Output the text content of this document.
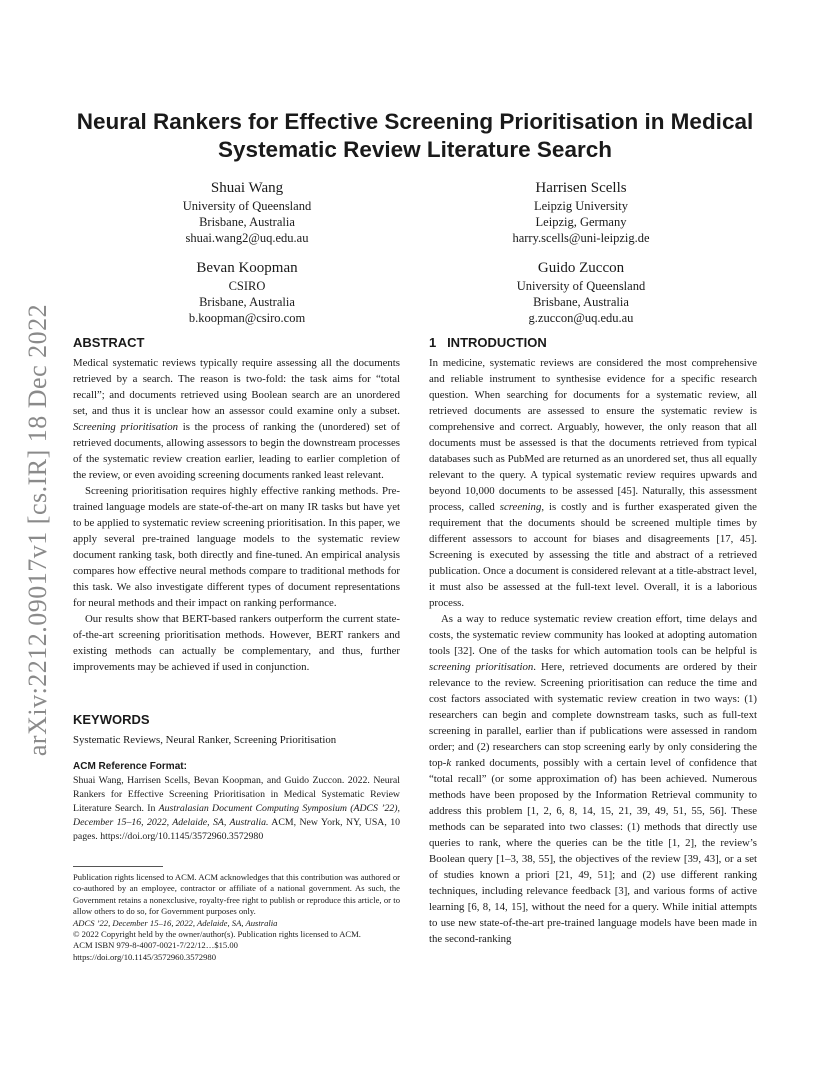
arXiv:2212.09017v1 [cs.IR] 18 Dec 2022
Neural Rankers for Effective Screening Prioritisation in Medical Systematic Review Literature Search
Shuai Wang
University of Queensland
Brisbane, Australia
shuai.wang2@uq.edu.au
Harrisen Scells
Leipzig University
Leipzig, Germany
harry.scells@uni-leipzig.de
Bevan Koopman
CSIRO
Brisbane, Australia
b.koopman@csiro.com
Guido Zuccon
University of Queensland
Brisbane, Australia
g.zuccon@uq.edu.au
ABSTRACT

Medical systematic reviews typically require assessing all the documents retrieved by a search. The reason is two-fold: the task aims for “total recall”; and documents retrieved using Boolean search are an unordered set, and thus it is unclear how an assessor could examine only a subset. Screening prioritisation is the process of ranking the (unordered) set of retrieved documents, allowing assessors to begin the downstream processes of the systematic review creation earlier, leading to earlier completion of the review, or even avoiding screening documents ranked least relevant.

Screening prioritisation requires highly effective ranking methods. Pre-trained language models are state-of-the-art on many IR tasks but have yet to be applied to systematic review screening prioritisation. In this paper, we apply several pre-trained language models to the systematic review document ranking task, both directly and fine-tuned. An empirical analysis compares how effective neural methods compare to traditional methods for this task. We also investigate different types of document representations for neural methods and their impact on ranking performance.

Our results show that BERT-based rankers outperform the current state-of-the-art screening prioritisation methods. However, BERT rankers and existing methods can actually be complementary, and thus, further improvements may be achieved if used in conjunction.

KEYWORDS

Systematic Reviews, Neural Ranker, Screening Prioritisation

ACM Reference Format:

Shuai Wang, Harrisen Scells, Bevan Koopman, and Guido Zuccon. 2022. Neural Rankers for Effective Screening Prioritisation in Medical Systematic Review Literature Search. In Australasian Document Computing Symposium (ADCS ’22), December 15–16, 2022, Adelaide, SA, Australia. ACM, New York, NY, USA, 10 pages. https://doi.org/10.1145/3572960.3572980

Publication rights licensed to ACM. ACM acknowledges that this contribution was authored or co-authored by an employee, contractor or affiliate of a national government. As such, the Government retains a nonexclusive, royalty-free right to publish or reproduce this article, or to allow others to do so, for Government purposes only.
ADCS ’22, December 15–16, 2022, Adelaide, SA, Australia
© 2022 Copyright held by the owner/author(s). Publication rights licensed to ACM.
ACM ISBN 979-8-4007-0021-7/22/12…$15.00
https://doi.org/10.1145/3572960.3572980
1   INTRODUCTION

In medicine, systematic reviews are considered the most comprehensive and reliable instrument to synthesise evidence for a specific research question. When searching for documents for a systematic review, all retrieved documents are assessed to ensure the systematic review is comprehensive and correct. Arguably, however, the only reason that all documents must be assessed is that the documents retrieved from typical databases such as PubMed are returned as an unordered set, thus all equally relevant to the query. A typical systematic review requires upwards and beyond 10,000 documents to be assessed [45]. Naturally, this assessment process, called screening, is costly and is further exasperated given the requirement that the documents should be screened multiple times by different assessors to account for biases and disagreements [17, 45]. Screening is executed by assessing the title and abstract of a retrieved publication. Once a document is considered relevant at a title-abstract level, it must also be assessed at the full-text level. Overall, it is a laborious process.

As a way to reduce systematic review creation effort, time delays and costs, the systematic review community has looked at adopting automation tools [32]. One of the tasks for which automation tools can be helpful is screening prioritisation. Here, retrieved documents are ordered by their relevance to the review. Screening prioritisation can reduce the time and cost factors associated with systematic review creation in two ways: (1) researchers can begin and complete downstream tasks, such as full-text screening in parallel, earlier than if publications were assessed in random order; and (2) researchers can stop screening early by only considering the top-k ranked documents, possibly with a certain level of confidence that “total recall” (or some approximation of) has been achieved. Numerous methods have been proposed by the Information Retrieval community to address this problem [1, 2, 6, 8, 14, 15, 21, 39, 49, 51, 55, 56]. These methods can be separated into two classes: (1) methods that directly use queries to rank, where the queries can be the title [1, 2], the review’s Boolean query [1–3, 38, 55], the objectives of the review [39, 43], or a set of studies known a priori [21, 49, 51]; and (2) use different ranking techniques, including relevance feedback [3], and various forms of active learning [6, 8, 14, 15], without the need for a query. While initial attempts to use new state-of-the-art pre-trained language models have been made in the second-ranking
